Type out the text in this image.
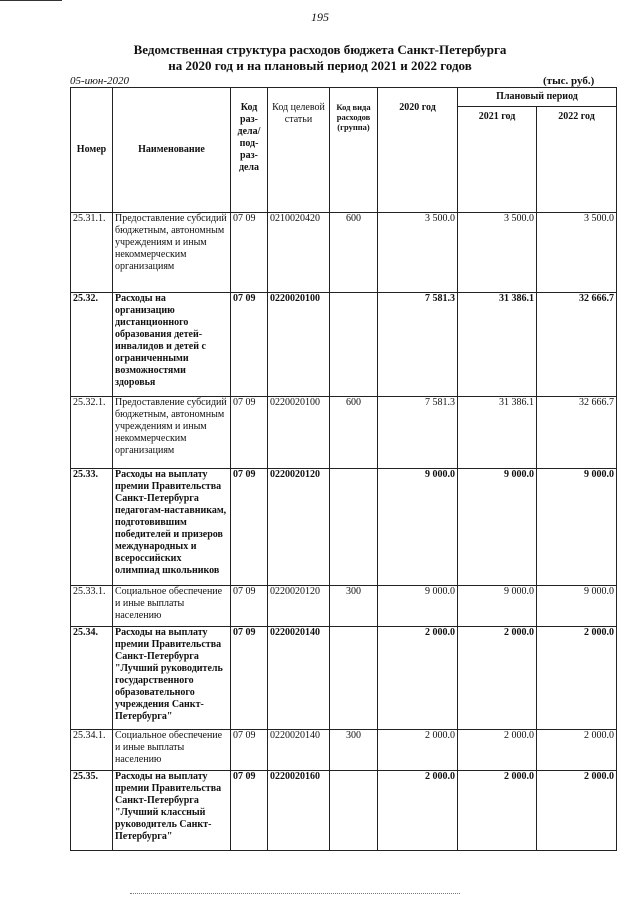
195
Ведомственная структура расходов бюджета Санкт-Петербурга
на 2020 год и на плановый период 2021 и 2022 годов
05-июн-2020	(тыс. руб.)
Номер	Наименование	Код раз-дела/ под-раз-дела	Код целевой статьи	Код вида расходов (группа)	2020 год	Плановый период	
						2021 год	2022 год
25.31.1.	Предоставление субсидий бюджетным, автономным учреждениям и иным некоммерческим организациям	07 09	0210020420	600	3 500.0	3 500.0	3 500.0
25.32.	Расходы на организацию дистанционного образования детей-инвалидов и детей с ограниченными возможностями здоровья	07 09	0220020100		7 581.3	31 386.1	32 666.7
25.32.1.	Предоставление субсидий бюджетным, автономным учреждениям и иным некоммерческим организациям	07 09	0220020100	600	7 581.3	31 386.1	32 666.7
25.33.	Расходы на выплату премии Правительства Санкт-Петербурга педагогам-наставникам, подготовившим победителей и призеров международных и всероссийских олимпиад школьников	07 09	0220020120		9 000.0	9 000.0	9 000.0
25.33.1.	Социальное обеспечение и иные выплаты населению	07 09	0220020120	300	9 000.0	9 000.0	9 000.0
25.34.	Расходы на выплату премии Правительства Санкт-Петербурга "Лучший руководитель государственного образовательного учреждения Санкт-Петербурга"	07 09	0220020140		2 000.0	2 000.0	2 000.0
25.34.1.	Социальное обеспечение и иные выплаты населению	07 09	0220020140	300	2 000.0	2 000.0	2 000.0
25.35.	Расходы на выплату премии Правительства Санкт-Петербурга "Лучший классный руководитель Санкт-Петербурга"	07 09	0220020160		2 000.0	2 000.0	2 000.0
